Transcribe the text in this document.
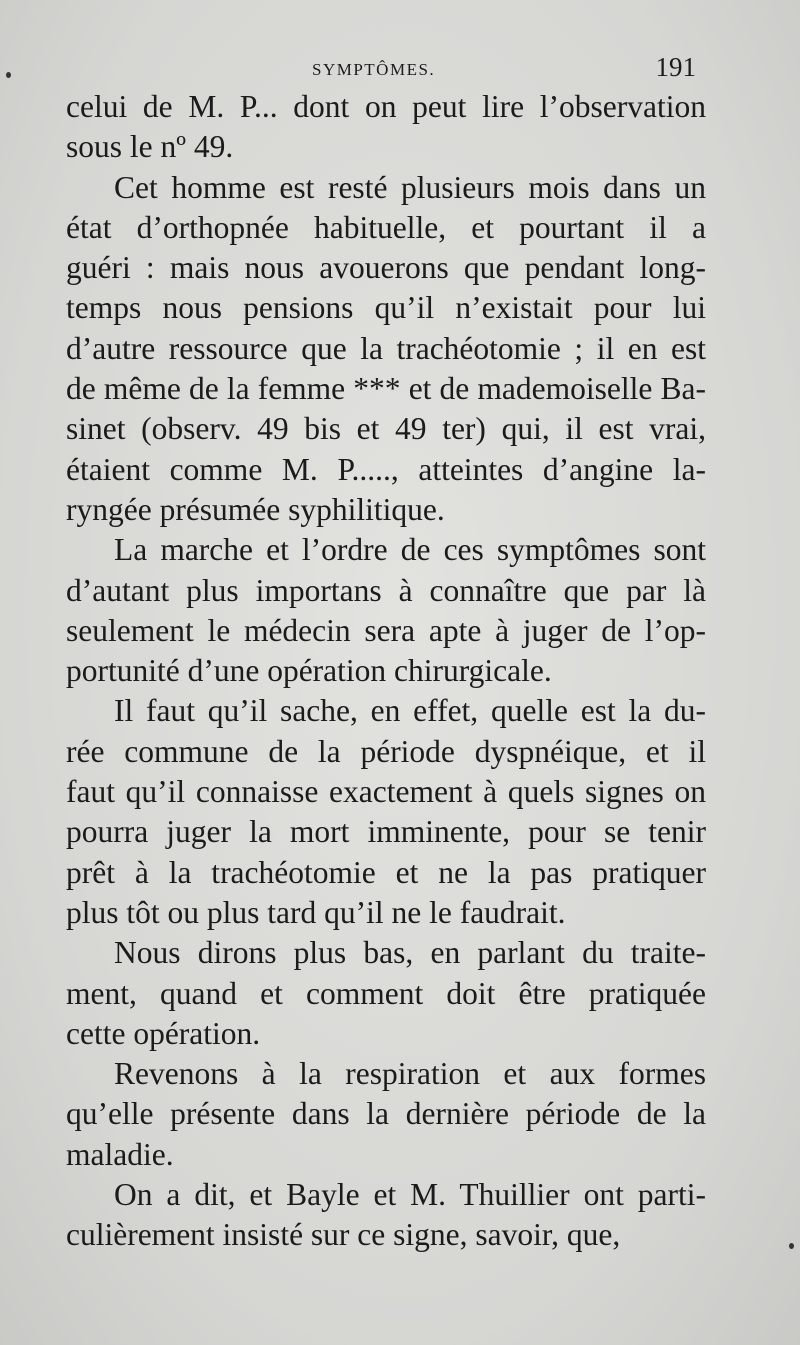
SYMPTÔMES.	191
celui de M. P... dont on peut lire l’observation
sous le nº 49.
Cet homme est resté plusieurs mois dans un
état d’orthopnée habituelle, et pourtant il a
guéri : mais nous avouerons que pendant long-
temps nous pensions qu’il n’existait pour lui
d’autre ressource que la trachéotomie ; il en est
de même de la femme *** et de mademoiselle Ba-
sinet (observ. 49 bis et 49 ter) qui, il est vrai,
étaient comme M. P....., atteintes d’angine la-
ryngée présumée syphilitique.
La marche et l’ordre de ces symptômes sont
d’autant plus importans à connaître que par là
seulement le médecin sera apte à juger de l’op-
portunité d’une opération chirurgicale.
Il faut qu’il sache, en effet, quelle est la du-
rée commune de la période dyspnéique, et il
faut qu’il connaisse exactement à quels signes on
pourra juger la mort imminente, pour se tenir
prêt à la trachéotomie et ne la pas pratiquer
plus tôt ou plus tard qu’il ne le faudrait.
Nous dirons plus bas, en parlant du traite-
ment, quand et comment doit être pratiquée
cette opération.
Revenons à la respiration et aux formes
qu’elle présente dans la dernière période de la
maladie.
On a dit, et Bayle et M. Thuillier ont parti-
culièrement insisté sur ce signe, savoir, que,
